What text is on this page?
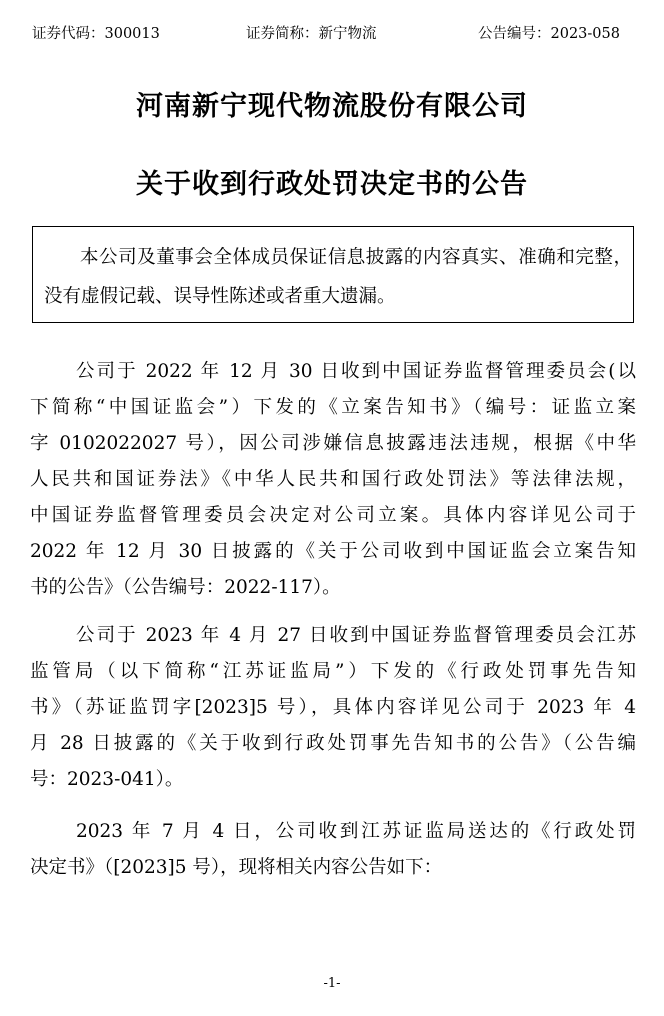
证券代码：300013	证券简称：新宁物流	公告编号：2023-058
河南新宁现代物流股份有限公司
关于收到行政处罚决定书的公告
本公司及董事会全体成员保证信息披露的内容真实、准确和完整，
没有虚假记载、误导性陈述或者重大遗漏。
公司于 2022 年 12 月 30 日收到中国证券监督管理委员会(以
下简称“中国证监会”）下发的《立案告知书》（编号：证监立案
字 0102022027 号），因公司涉嫌信息披露违法违规，根据《中华
人民共和国证券法》《中华人民共和国行政处罚法》等法律法规，
中国证券监督管理委员会决定对公司立案。具体内容详见公司于
2022 年 12 月 30 日披露的《关于公司收到中国证监会立案告知
书的公告》（公告编号：2022-117）。
公司于 2023 年 4 月 27 日收到中国证券监督管理委员会江苏
监管局（以下简称“江苏证监局”）下发的《行政处罚事先告知
书》（苏证监罚字[2023]5 号），具体内容详见公司于 2023 年 4
月 28 日披露的《关于收到行政处罚事先告知书的公告》（公告编
号：2023-041）。
2023 年 7 月 4 日，公司收到江苏证监局送达的《行政处罚
决定书》（[2023]5 号），现将相关内容公告如下：
-1-
